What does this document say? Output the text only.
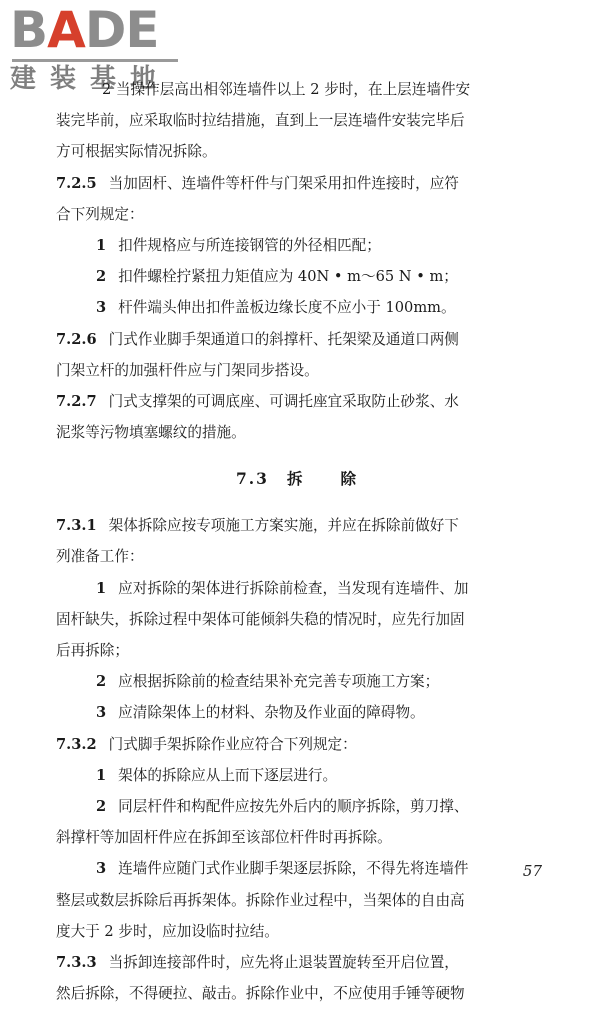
BADE
建装基地
2 当操作层高出相邻连墙件以上 2 步时，在上层连墙件安
装完毕前，应采取临时拉结措施，直到上一层连墙件安装完毕后
方可根据实际情况拆除。
7.2.5 当加固杆、连墙件等杆件与门架采用扣件连接时，应符
合下列规定：
1 扣件规格应与所连接钢管的外径相匹配；
2 扣件螺栓拧紧扭力矩值应为 40N • m～65 N • m；
3 杆件端头伸出扣件盖板边缘长度不应小于 100mm。
7.2.6 门式作业脚手架通道口的斜撑杆、托架梁及通道口两侧
门架立杆的加强杆件应与门架同步搭设。
7.2.7 门式支撑架的可调底座、可调托座宜采取防止砂浆、水
泥浆等污物填塞螺纹的措施。
7.3 拆 除
7.3.1 架体拆除应按专项施工方案实施，并应在拆除前做好下
列准备工作：
1 应对拆除的架体进行拆除前检查，当发现有连墙件、加
固杆缺失，拆除过程中架体可能倾斜失稳的情况时，应先行加固
后再拆除；
2 应根据拆除前的检查结果补充完善专项施工方案；
3 应清除架体上的材料、杂物及作业面的障碍物。
7.3.2 门式脚手架拆除作业应符合下列规定：
1 架体的拆除应从上而下逐层进行。
2 同层杆件和构配件应按先外后内的顺序拆除，剪刀撑、
斜撑杆等加固杆件应在拆卸至该部位杆件时再拆除。
3 连墙件应随门式作业脚手架逐层拆除，不得先将连墙件
整层或数层拆除后再拆架体。拆除作业过程中，当架体的自由高
度大于 2 步时，应加设临时拉结。
7.3.3 当拆卸连接部件时，应先将止退装置旋转至开启位置，
然后拆除，不得硬拉、敲击。拆除作业中，不应使用手锤等硬物
57
